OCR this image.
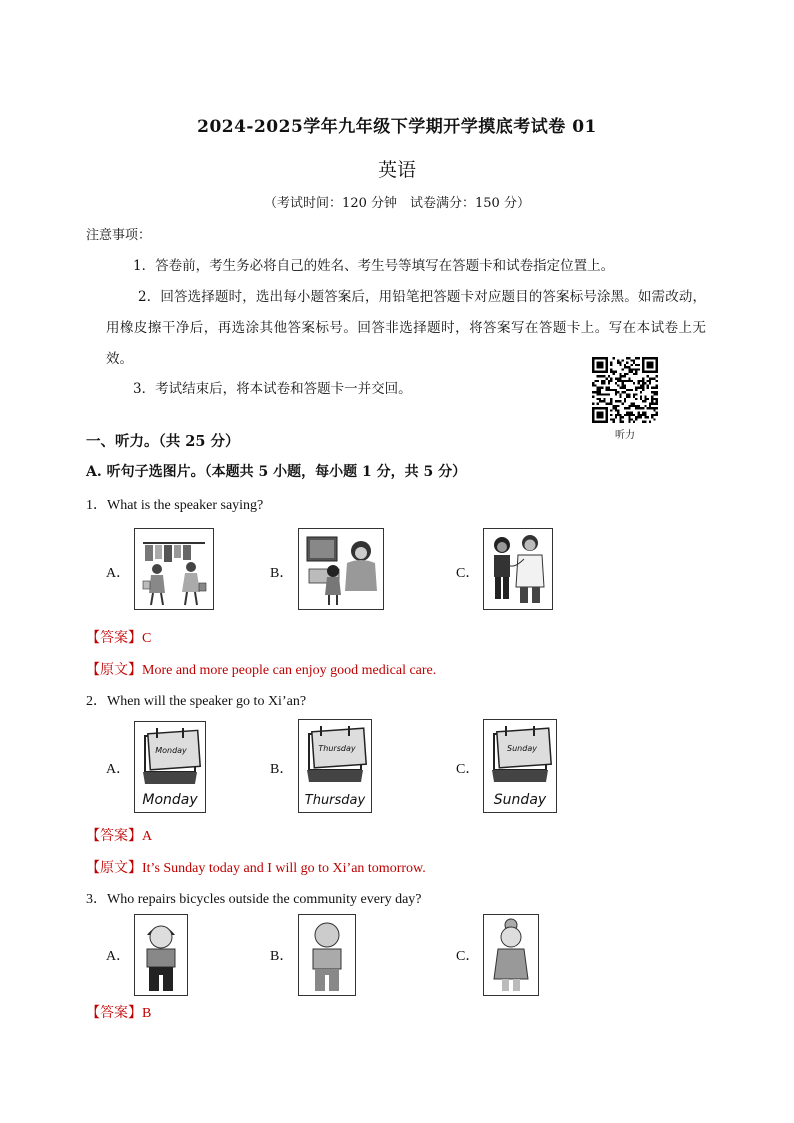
2024-2025学年九年级下学期开学摸底考试卷 01
英语
（考试时间：120 分钟　试卷满分：150 分）
注意事项：
1．答卷前，考生务必将自己的姓名、考生号等填写在答题卡和试卷指定位置上。
2．回答选择题时，选出每小题答案后，用铅笔把答题卡对应题目的答案标号涂黑。如需改动，用橡皮擦干净后，再选涂其他答案标号。回答非选择题时，将答案写在答题卡上。写在本试卷上无效。
3．考试结束后，将本试卷和答题卡一并交回。
听力
一、听力。（共 25 分）
A. 听句子选图片。（本题共 5 小题，每小题 1 分，共 5 分）
1．What is the speaker saying?
A．	B．	C．
【答案】C
【原文】More and more people can enjoy good medical care.
2．When will the speaker go to Xi’an?
A．
Monday
Monday
B．
Thursday
Thursday
C．
Sunday
Sunday
【答案】A
【原文】It’s Sunday today and I will go to Xi’an tomorrow.
3．Who repairs bicycles outside the community every day?
A．	B．	C．
【答案】B
